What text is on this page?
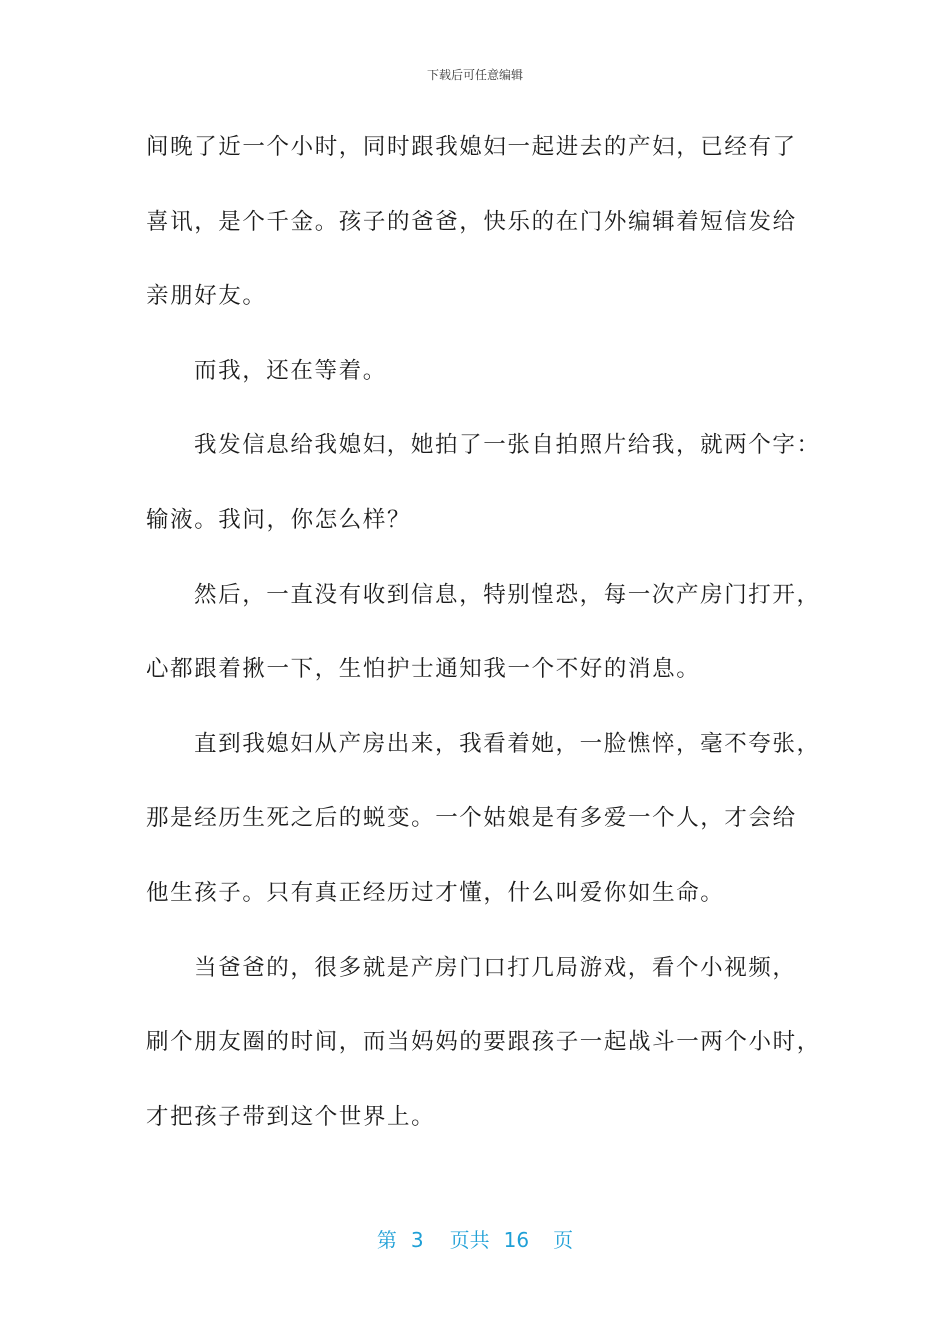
下载后可任意编辑
间晚了近一个小时，同时跟我媳妇一起进去的产妇，已经有了
喜讯，是个千金。孩子的爸爸，快乐的在门外编辑着短信发给
亲朋好友。
而我，还在等着。
我发信息给我媳妇，她拍了一张自拍照片给我，就两个字：
输液。我问，你怎么样？
然后，一直没有收到信息，特别惶恐，每一次产房门打开，
心都跟着揪一下，生怕护士通知我一个不好的消息。
直到我媳妇从产房出来，我看着她，一脸憔悴，毫不夸张，
那是经历生死之后的蜕变。一个姑娘是有多爱一个人，才会给
他生孩子。只有真正经历过才懂，什么叫爱你如生命。
当爸爸的，很多就是产房门口打几局游戏，看个小视频，
刷个朋友圈的时间，而当妈妈的要跟孩子一起战斗一两个小时，
才把孩子带到这个世界上。
第 3 页共 16 页
